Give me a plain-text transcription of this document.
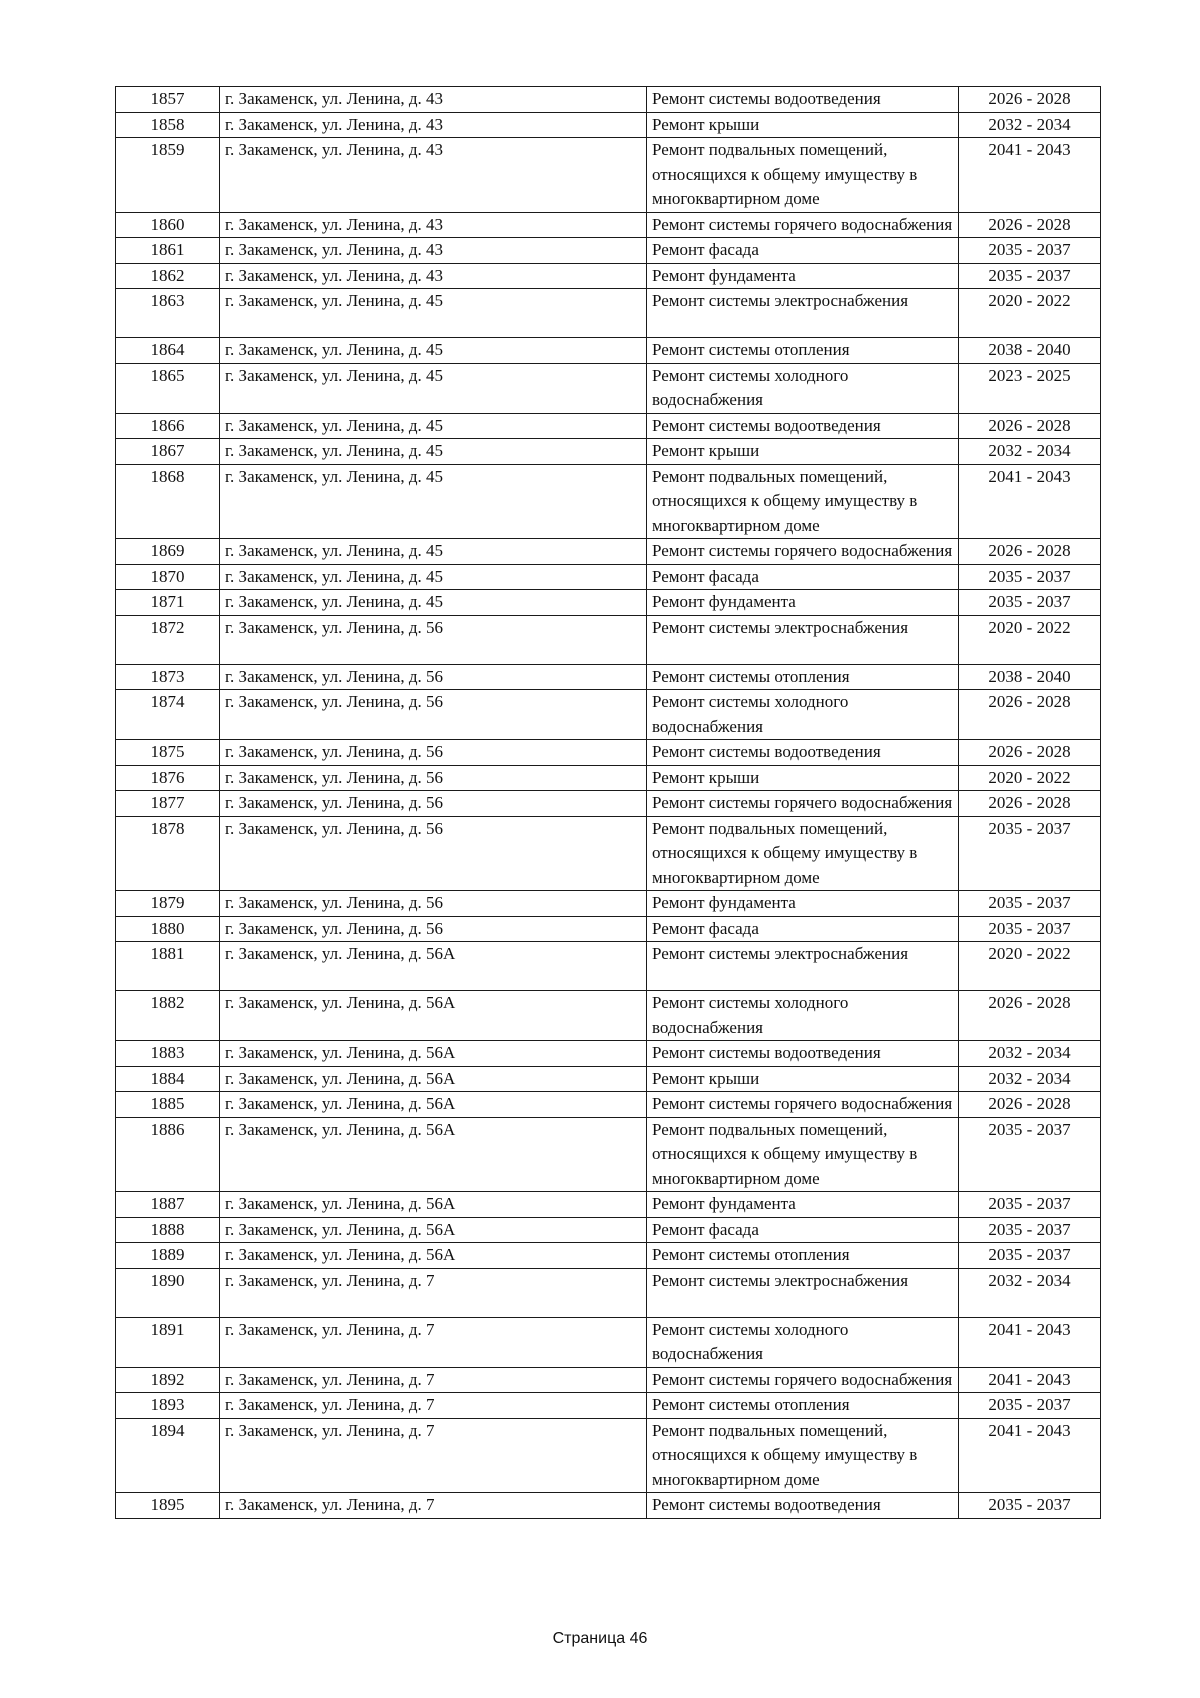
1857	г. Закаменск, ул. Ленина, д. 43	Ремонт системы водоотведения	2026 - 2028

1858	г. Закаменск, ул. Ленина, д. 43	Ремонт крыши	2032 - 2034

1859	г. Закаменск, ул. Ленина, д. 43	Ремонт подвальных помещений, относящихся к общему имуществу в многоквартирном доме	2041 - 2043

1860	г. Закаменск, ул. Ленина, д. 43	Ремонт системы горячего водоснабжения	2026 - 2028

1861	г. Закаменск, ул. Ленина, д. 43	Ремонт фасада	2035 - 2037

1862	г. Закаменск, ул. Ленина, д. 43	Ремонт фундамента	2035 - 2037

1863	г. Закаменск, ул. Ленина, д. 45	Ремонт системы электроснабжения	2020 - 2022

1864	г. Закаменск, ул. Ленина, д. 45	Ремонт системы отопления	2038 - 2040

1865	г. Закаменск, ул. Ленина, д. 45	Ремонт системы холодного водоснабжения	2023 - 2025

1866	г. Закаменск, ул. Ленина, д. 45	Ремонт системы водоотведения	2026 - 2028

1867	г. Закаменск, ул. Ленина, д. 45	Ремонт крыши	2032 - 2034

1868	г. Закаменск, ул. Ленина, д. 45	Ремонт подвальных помещений, относящихся к общему имуществу в многоквартирном доме	2041 - 2043

1869	г. Закаменск, ул. Ленина, д. 45	Ремонт системы горячего водоснабжения	2026 - 2028

1870	г. Закаменск, ул. Ленина, д. 45	Ремонт фасада	2035 - 2037

1871	г. Закаменск, ул. Ленина, д. 45	Ремонт фундамента	2035 - 2037

1872	г. Закаменск, ул. Ленина, д. 56	Ремонт системы электроснабжения	2020 - 2022

1873	г. Закаменск, ул. Ленина, д. 56	Ремонт системы отопления	2038 - 2040

1874	г. Закаменск, ул. Ленина, д. 56	Ремонт системы холодного водоснабжения	2026 - 2028

1875	г. Закаменск, ул. Ленина, д. 56	Ремонт системы водоотведения	2026 - 2028

1876	г. Закаменск, ул. Ленина, д. 56	Ремонт крыши	2020 - 2022

1877	г. Закаменск, ул. Ленина, д. 56	Ремонт системы горячего водоснабжения	2026 - 2028

1878	г. Закаменск, ул. Ленина, д. 56	Ремонт подвальных помещений, относящихся к общему имуществу в многоквартирном доме	2035 - 2037

1879	г. Закаменск, ул. Ленина, д. 56	Ремонт фундамента	2035 - 2037

1880	г. Закаменск, ул. Ленина, д. 56	Ремонт фасада	2035 - 2037

1881	г. Закаменск, ул. Ленина, д. 56А	Ремонт системы электроснабжения	2020 - 2022

1882	г. Закаменск, ул. Ленина, д. 56А	Ремонт системы холодного водоснабжения	2026 - 2028

1883	г. Закаменск, ул. Ленина, д. 56А	Ремонт системы водоотведения	2032 - 2034

1884	г. Закаменск, ул. Ленина, д. 56А	Ремонт крыши	2032 - 2034

1885	г. Закаменск, ул. Ленина, д. 56А	Ремонт системы горячего водоснабжения	2026 - 2028

1886	г. Закаменск, ул. Ленина, д. 56А	Ремонт подвальных помещений, относящихся к общему имуществу в многоквартирном доме	2035 - 2037

1887	г. Закаменск, ул. Ленина, д. 56А	Ремонт фундамента	2035 - 2037

1888	г. Закаменск, ул. Ленина, д. 56А	Ремонт фасада	2035 - 2037

1889	г. Закаменск, ул. Ленина, д. 56А	Ремонт системы отопления	2035 - 2037

1890	г. Закаменск, ул. Ленина, д. 7	Ремонт системы электроснабжения	2032 - 2034

1891	г. Закаменск, ул. Ленина, д. 7	Ремонт системы холодного водоснабжения	2041 - 2043

1892	г. Закаменск, ул. Ленина, д. 7	Ремонт системы горячего водоснабжения	2041 - 2043

1893	г. Закаменск, ул. Ленина, д. 7	Ремонт системы отопления	2035 - 2037

1894	г. Закаменск, ул. Ленина, д. 7	Ремонт подвальных помещений, относящихся к общему имуществу в многоквартирном доме	2041 - 2043

1895	г. Закаменск, ул. Ленина, д. 7	Ремонт системы водоотведения	2035 - 2037
Страница 46
